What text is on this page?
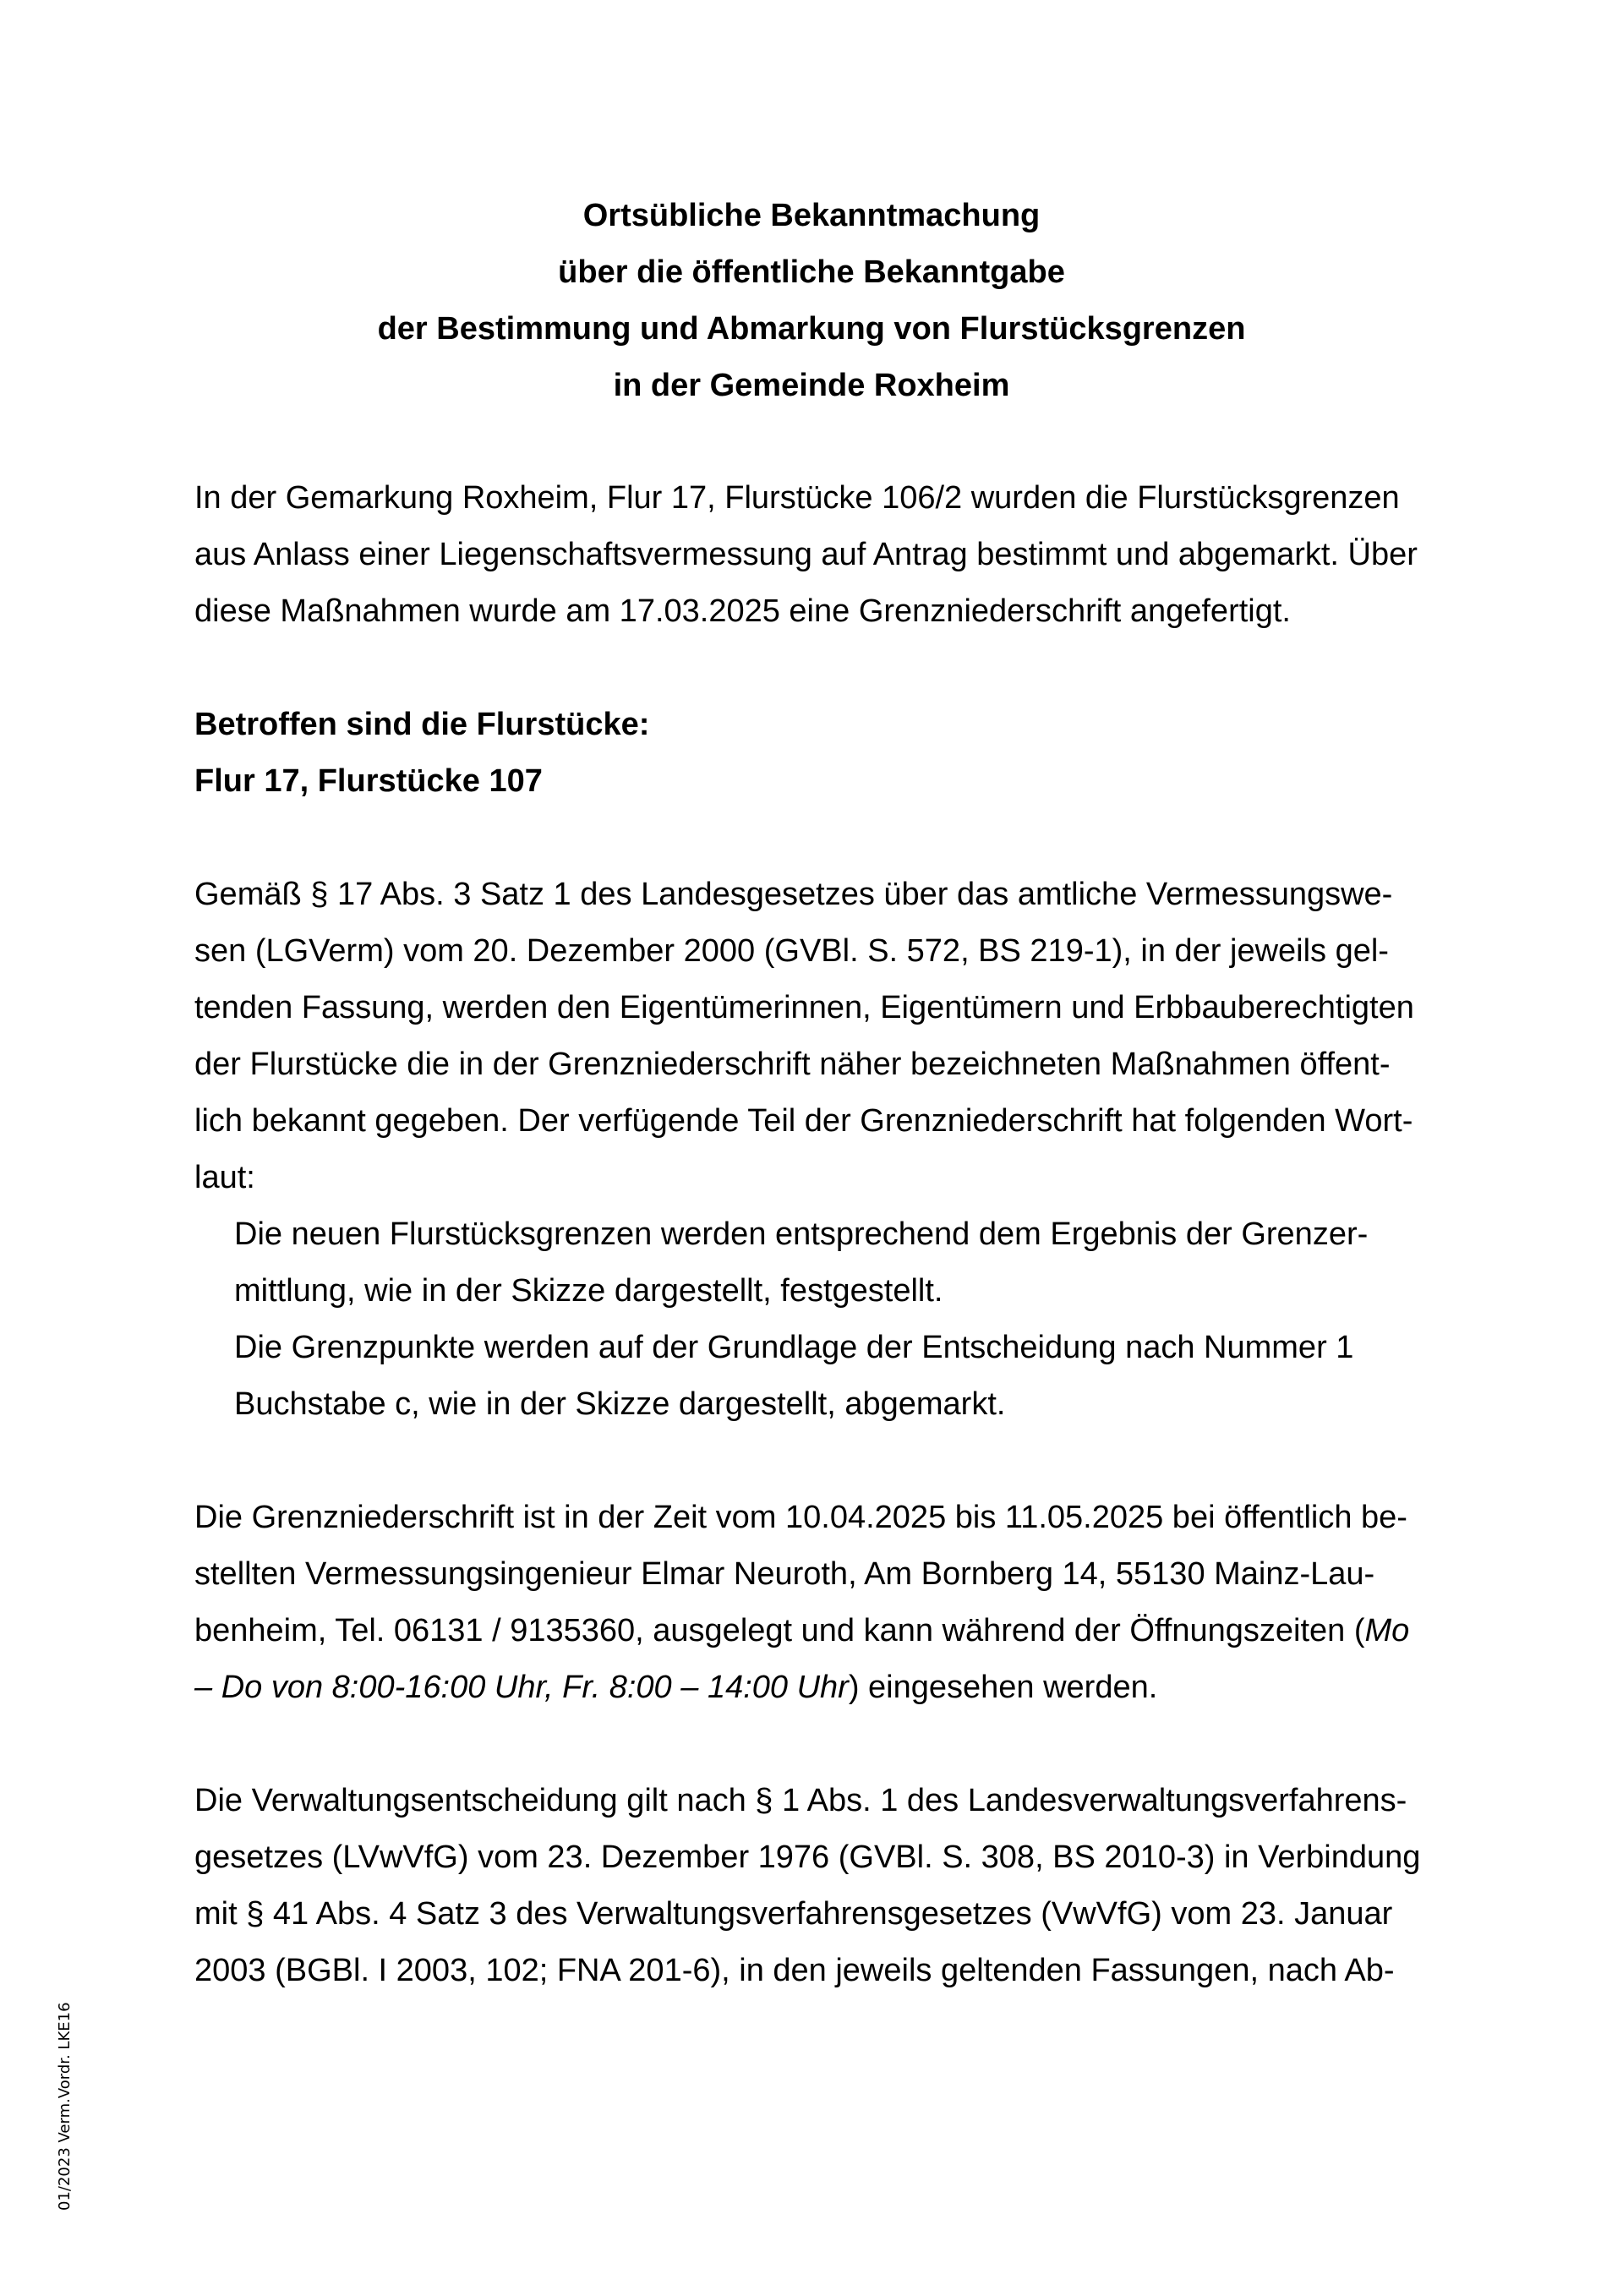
Ortsübliche Bekanntmachung
über die öffentliche Bekanntgabe
der Bestimmung und Abmarkung von Flurstücksgrenzen
in der Gemeinde Roxheim
In der Gemarkung Roxheim, Flur 17, Flurstücke 106/2 wurden die Flurstücksgrenzen
aus Anlass einer Liegenschaftsvermessung auf Antrag bestimmt und abgemarkt. Über
diese Maßnahmen wurde am 17.03.2025 eine Grenzniederschrift angefertigt.
Betroffen sind die Flurstücke:
Flur 17, Flurstücke 107
Gemäß § 17 Abs. 3 Satz 1 des Landesgesetzes über das amtliche Vermessungswe-
sen (LGVerm) vom 20. Dezember 2000 (GVBl. S. 572, BS 219-1), in der jeweils gel-
tenden Fassung, werden den Eigentümerinnen, Eigentümern und Erbbauberechtigten
der Flurstücke die in der Grenzniederschrift näher bezeichneten Maßnahmen öffent-
lich bekannt gegeben. Der verfügende Teil der Grenzniederschrift hat folgenden Wort-
laut:
Die neuen Flurstücksgrenzen werden entsprechend dem Ergebnis der Grenzer-
mittlung, wie in der Skizze dargestellt, festgestellt.
Die Grenzpunkte werden auf der Grundlage der Entscheidung nach Nummer 1
Buchstabe c, wie in der Skizze dargestellt, abgemarkt.
Die Grenzniederschrift ist in der Zeit vom 10.04.2025 bis 11.05.2025 bei öffentlich be-
stellten Vermessungsingenieur Elmar Neuroth, Am Bornberg 14, 55130 Mainz-Lau-
benheim, Tel. 06131 / 9135360, ausgelegt und kann während der Öffnungszeiten (Mo
– Do von 8:00-16:00 Uhr, Fr. 8:00 – 14:00 Uhr) eingesehen werden.
Die Verwaltungsentscheidung gilt nach § 1 Abs. 1 des Landesverwaltungsverfahrens-
gesetzes (LVwVfG) vom 23. Dezember 1976 (GVBl. S. 308, BS 2010-3) in Verbindung
mit § 41 Abs. 4 Satz 3 des Verwaltungsverfahrensgesetzes (VwVfG) vom 23. Januar
2003 (BGBl. I 2003, 102; FNA 201-6), in den jeweils geltenden Fassungen, nach Ab-
01/2023 Verm.Vordr. LKE16
